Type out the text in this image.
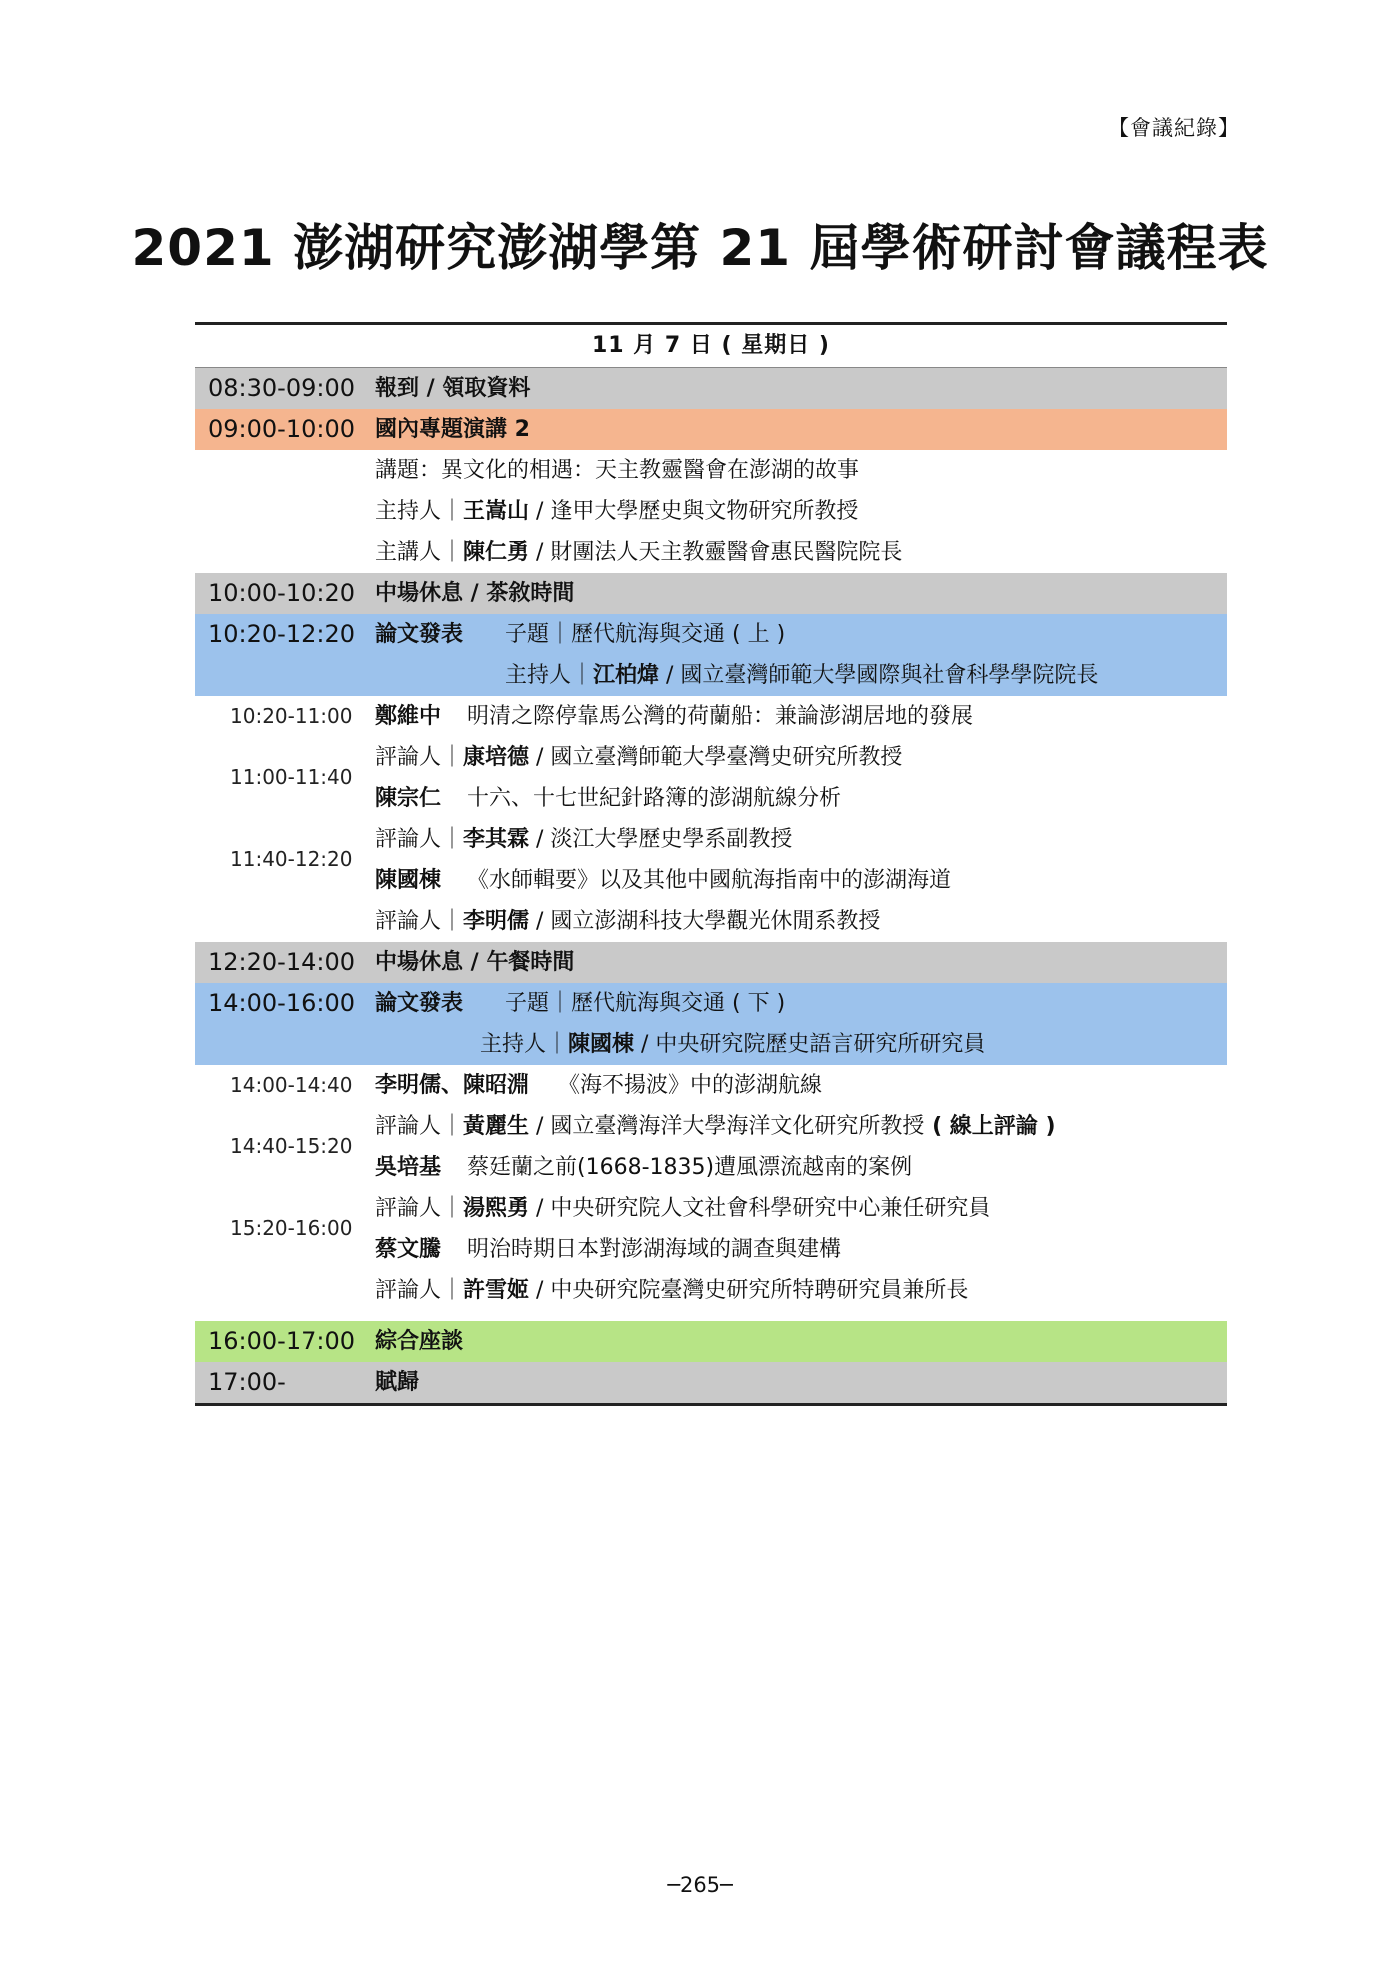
【會議紀錄】
2021 澎湖研究澎湖學第 21 屆學術研討會議程表
11 月 7 日 ( 星期日 )
08:30-09:00 報到 / 領取資料
09:00-10:00 國內專題演講 2
講題：異文化的相遇：天主教靈醫會在澎湖的故事
主持人｜王嵩山 / 逢甲大學歷史與文物研究所教授
主講人｜陳仁勇 / 財團法人天主教靈醫會惠民醫院院長
10:00-10:20 中場休息 / 茶敘時間
10:20-12:20 論文發表 子題｜歷代航海與交通 ( 上 )
主持人｜江柏煒 / 國立臺灣師範大學國際與社會科學學院院長
10:20-11:00 鄭維中 明清之際停靠馬公灣的荷蘭船：兼論澎湖居地的發展
評論人｜康培德 / 國立臺灣師範大學臺灣史研究所教授
11:00-11:40
陳宗仁 十六、十七世紀針路簿的澎湖航線分析
評論人｜李其霖 / 淡江大學歷史學系副教授
11:40-12:20
陳國棟 《水師輯要》以及其他中國航海指南中的澎湖海道
評論人｜李明儒 / 國立澎湖科技大學觀光休閒系教授
12:20-14:00 中場休息 / 午餐時間
14:00-16:00 論文發表 子題｜歷代航海與交通 ( 下 )
主持人｜陳國棟 / 中央研究院歷史語言研究所研究員
14:00-14:40 李明儒、陳昭淵 《海不揚波》中的澎湖航線
評論人｜黃麗生 / 國立臺灣海洋大學海洋文化研究所教授 ( 線上評論 )
14:40-15:20
吳培基 蔡廷蘭之前(1668-1835)遭風漂流越南的案例
評論人｜湯熙勇 / 中央研究院人文社會科學研究中心兼任研究員
15:20-16:00
蔡文騰 明治時期日本對澎湖海域的調查與建構
評論人｜許雪姬 / 中央研究院臺灣史研究所特聘研究員兼所長
16:00-17:00 綜合座談
17:00-	賦歸
─265─
